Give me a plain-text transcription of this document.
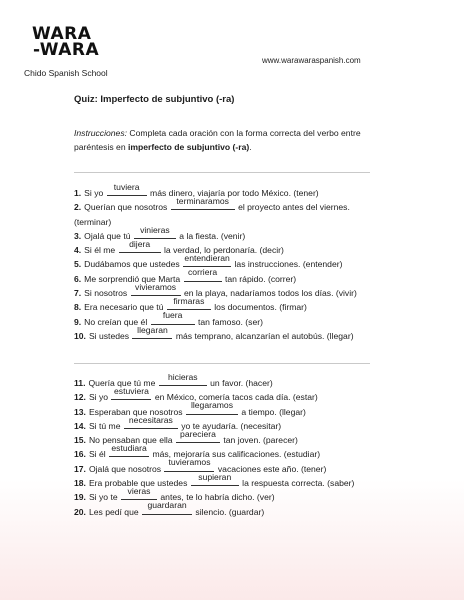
WARA
-WARA
Chido Spanish School
www.warawaraspanish.com
Quiz: Imperfecto de subjuntivo (-ra)
Instrucciones: Completa cada oración con la forma correcta del verbo entre paréntesis en imperfecto de subjuntivo (-ra).
1. Si yo
tuviera
más dinero, viajaría por todo México. (tener)
2. Querían que nosotros
terminaramos
el proyecto antes del viernes. (terminar)
3. Ojalá que tú
vinieras
a la fiesta. (venir)
4. Si él me
dijera
la verdad, lo perdonaría. (decir)
5. Dudábamos que ustedes
entendieran
las instrucciones. (entender)
6. Me sorprendió que Marta
corriera
tan rápido. (correr)
7. Si nosotros
vivieramos
en la playa, nadaríamos todos los días. (vivir)
8. Era necesario que tú
firmaras
los documentos. (firmar)
9. No creían que él
fuera
tan famoso. (ser)
10. Si ustedes
llegaran
más temprano, alcanzarían el autobús. (llegar)
11. Quería que tú me
hicieras
un favor. (hacer)
12. Si yo
estuviera
en México, comería tacos cada día. (estar)
13. Esperaban que nosotros
llegaramos
a tiempo. (llegar)
14. Si tú me
necesitaras
yo te ayudaría. (necesitar)
15. No pensaban que ella
pareciera
tan joven. (parecer)
16. Si él
estudiara
más, mejoraría sus calificaciones. (estudiar)
17. Ojalá que nosotros
tuvieramos
vacaciones este año. (tener)
18. Era probable que ustedes
supieran
la respuesta correcta. (saber)
19. Si yo te
vieras
antes, te lo habría dicho. (ver)
20. Les pedí que
guardaran
silencio. (guardar)
